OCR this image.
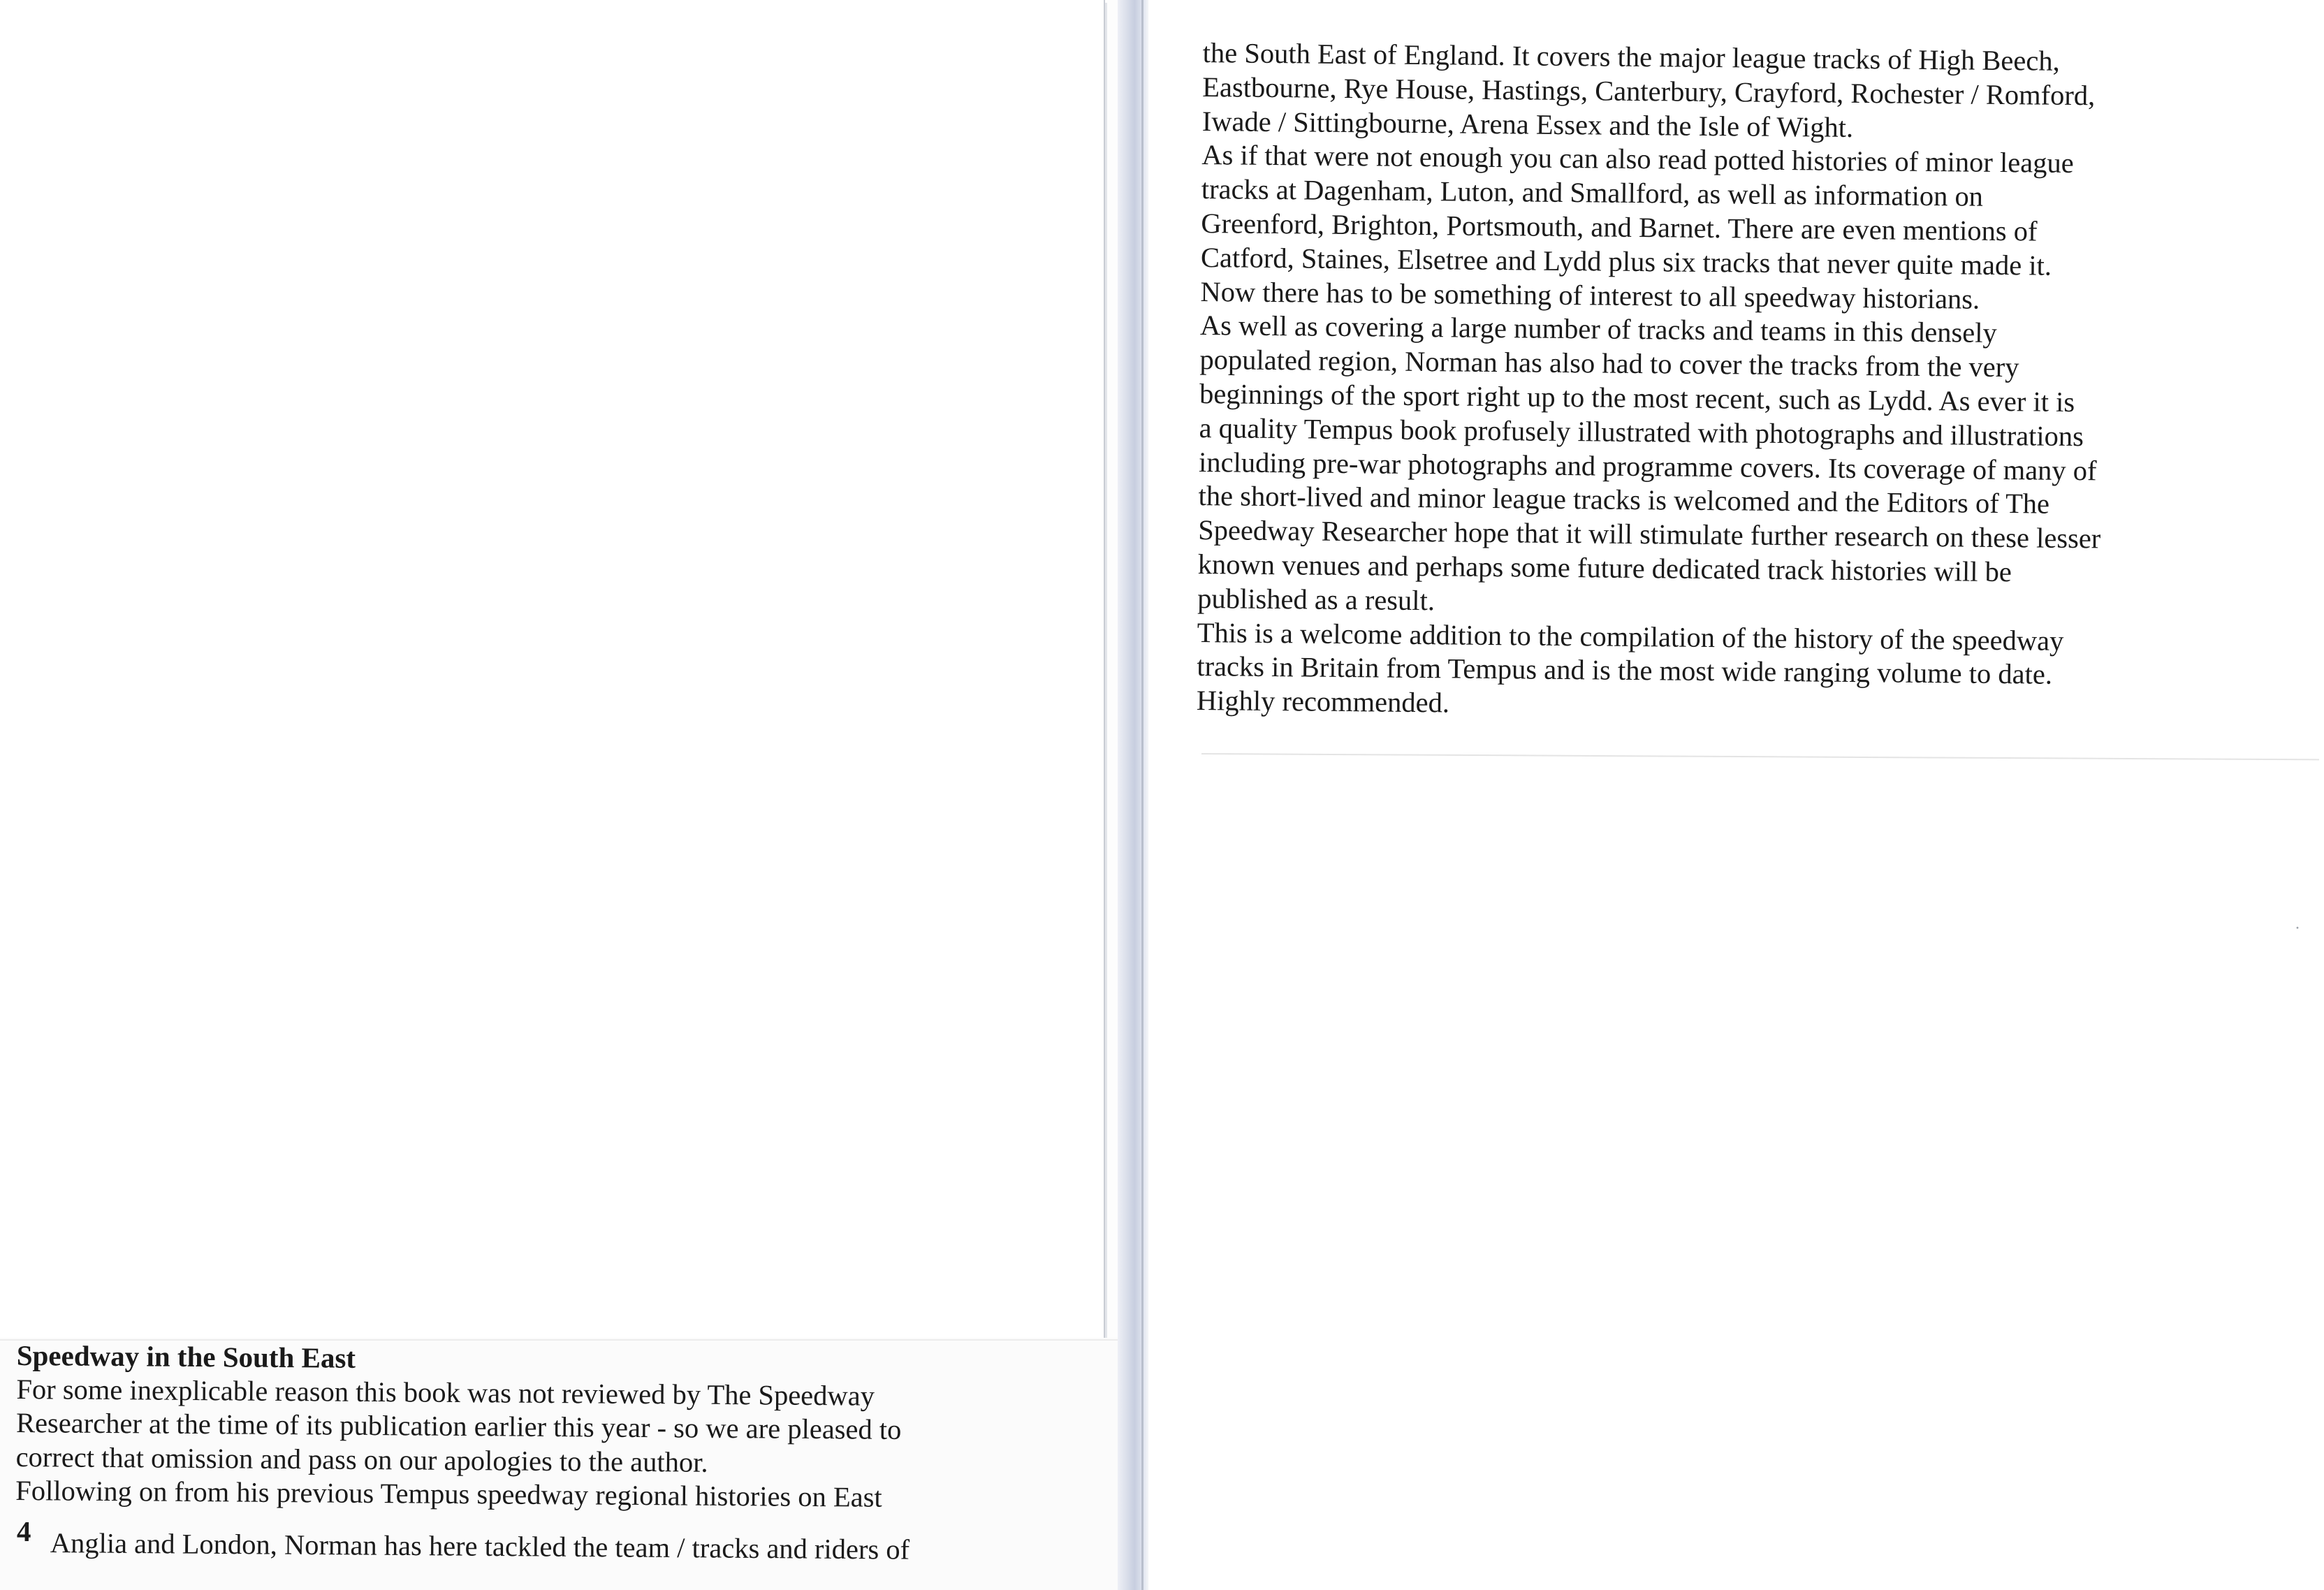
·
the South East of England. It covers the major league tracks of High Beech,
Eastbourne, Rye House, Hastings, Canterbury, Crayford, Rochester / Romford,
Iwade / Sittingbourne, Arena Essex and the Isle of Wight.
As if that were not enough you can also read potted histories of minor league
tracks at Dagenham, Luton, and Smallford, as well as information on
Greenford, Brighton, Portsmouth, and Barnet. There are even mentions of
Catford, Staines, Elsetree and Lydd plus six tracks that never quite made it.
Now there has to be something of interest to all speedway historians.
As well as covering a large number of tracks and teams in this densely
populated region, Norman has also had to cover the tracks from the very
beginnings of the sport right up to the most recent, such as Lydd. As ever it is
a quality Tempus book profusely illustrated with photographs and illustrations
including pre-war photographs and programme covers. Its coverage of many of
the short-lived and minor league tracks is welcomed and the Editors of The
Speedway Researcher hope that it will stimulate further research on these lesser
known venues and perhaps some future dedicated track histories will be
published as a result.
This is a welcome addition to the compilation of the history of the speedway
tracks in Britain from Tempus and is the most wide ranging volume to date.
Highly recommended.
Speedway in the South East
For some inexplicable reason this book was not reviewed by The Speedway
Researcher at the time of its publication earlier this year - so we are pleased to
correct that omission and pass on our apologies to the author.
Following on from his previous Tempus speedway regional histories on East
4 Anglia and London, Norman has here tackled the team / tracks and riders of
